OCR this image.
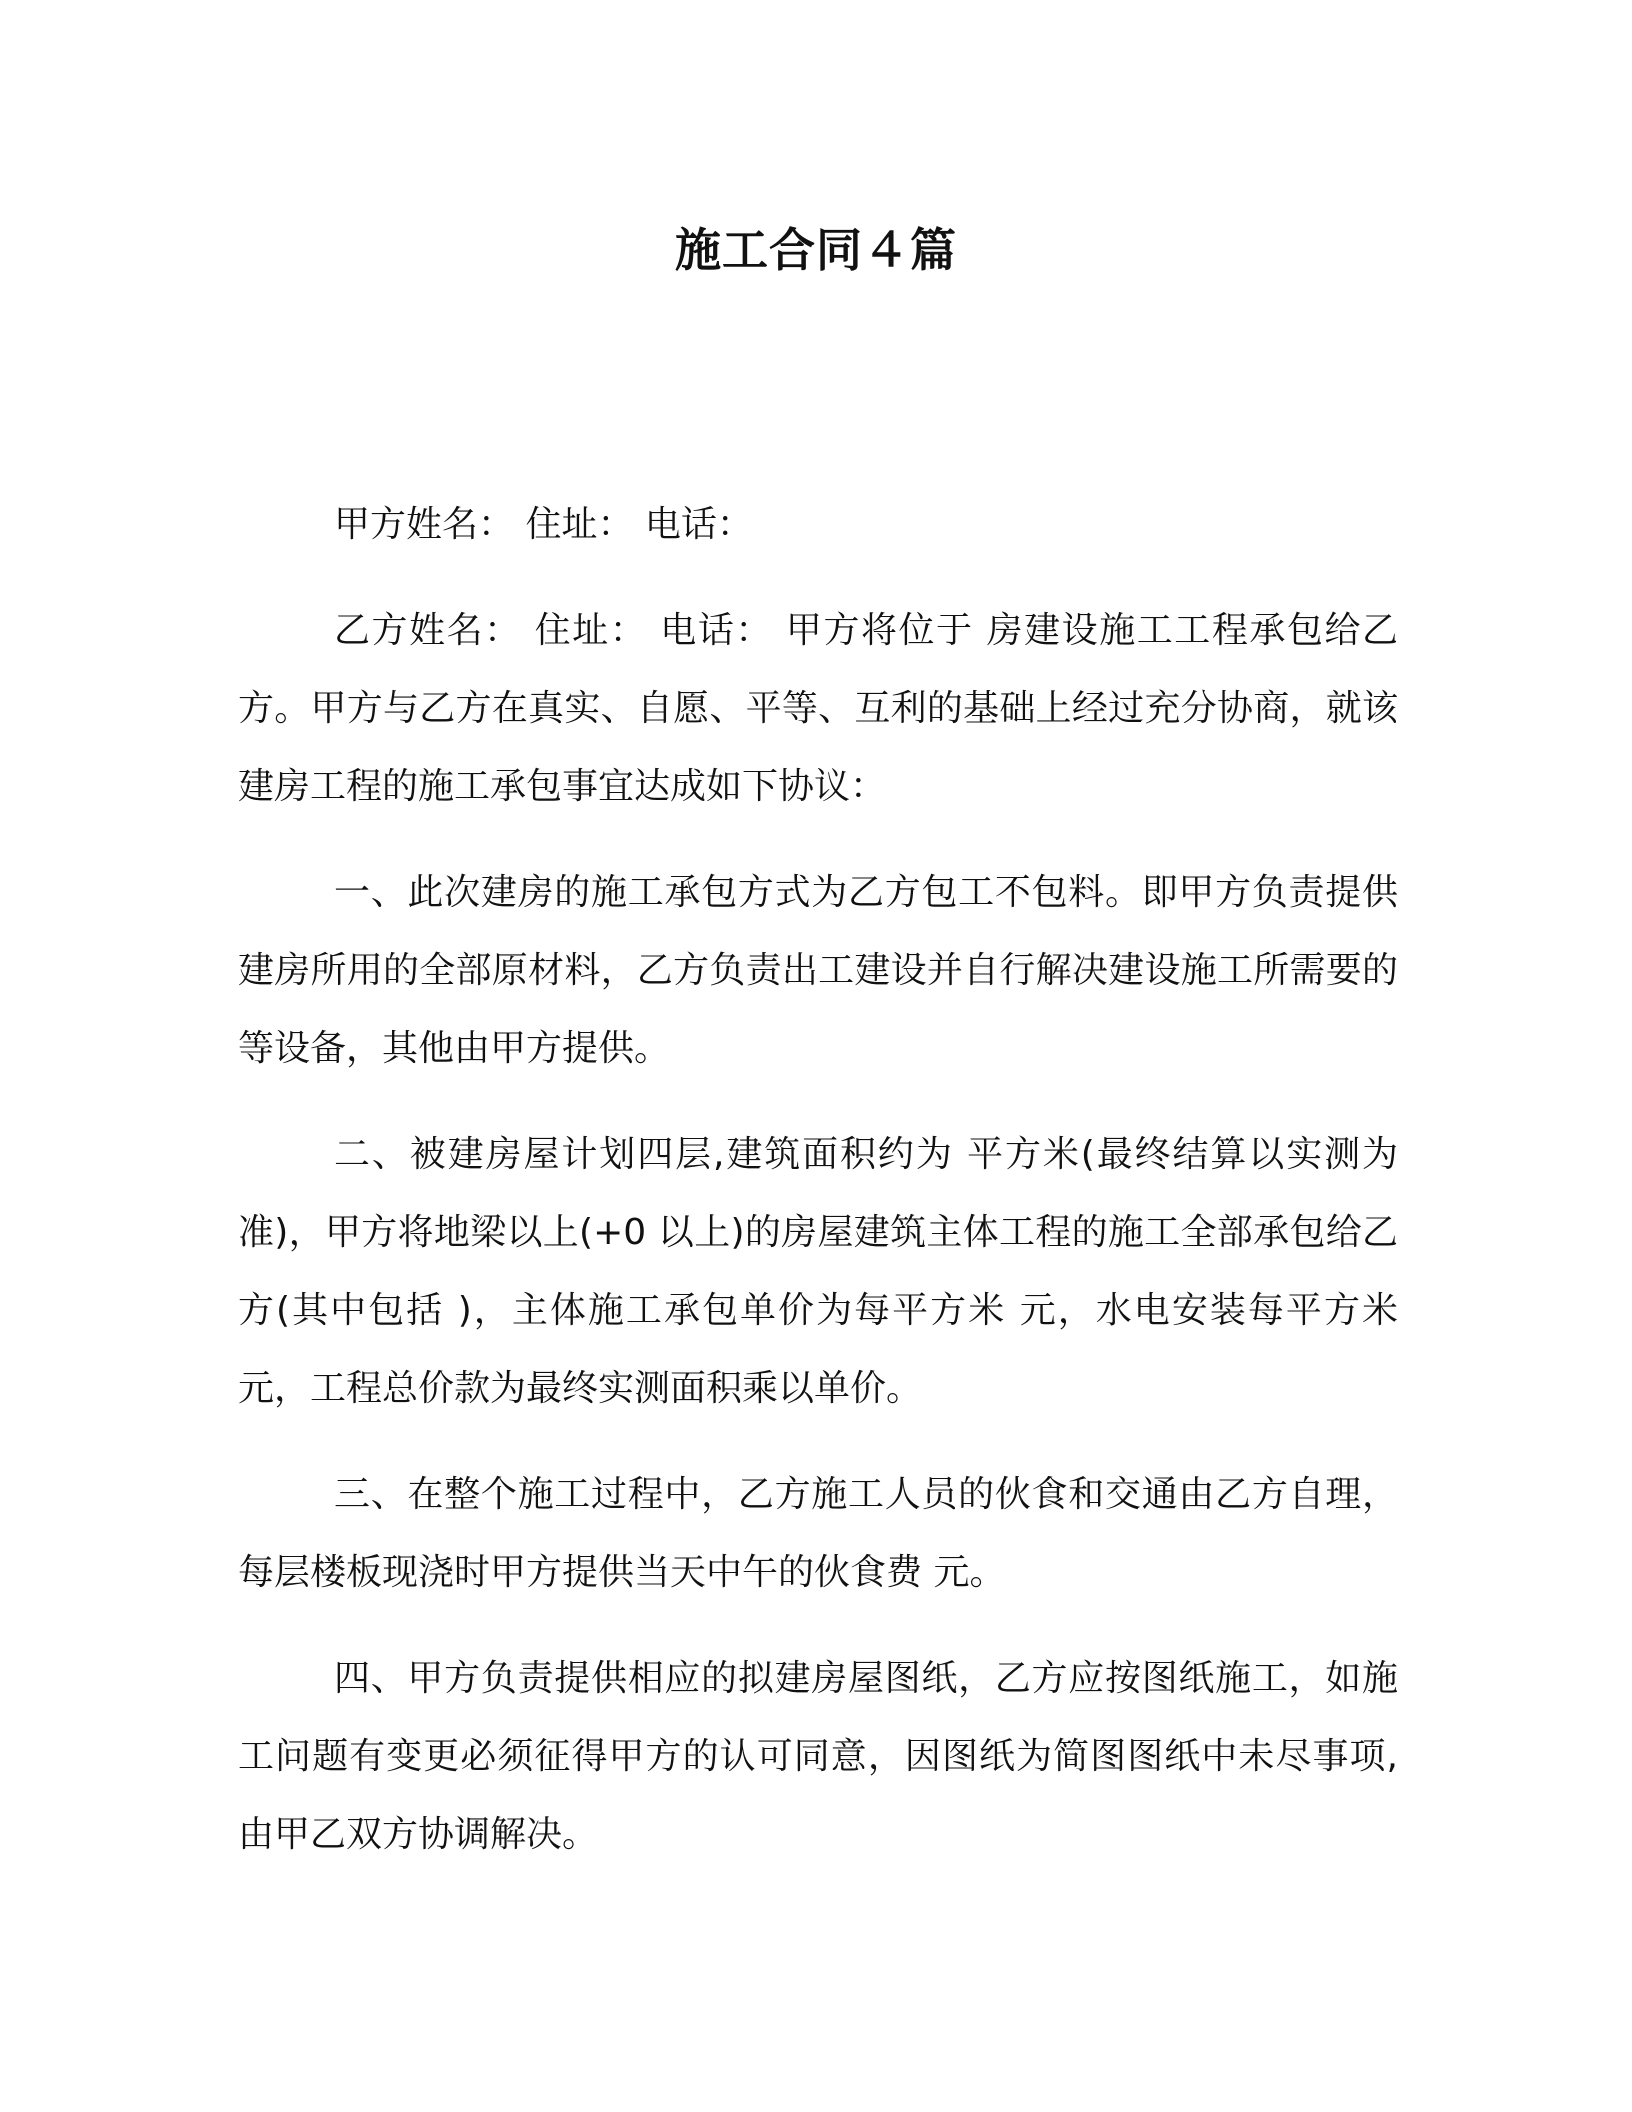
施工合同４篇

甲方姓名： 住址： 电话：

乙方姓名： 住址： 电话： 甲方将位于 房建设施工工程承包给乙方。甲方与乙方在真实、自愿、平等、互利的基础上经过充分协商，就该建房工程的施工承包事宜达成如下协议：

一、此次建房的施工承包方式为乙方包工不包料。即甲方负责提供建房所用的全部原材料，乙方负责出工建设并自行解决建设施工所需要的 等设备，其他由甲方提供。

二、被建房屋计划四层,建筑面积约为 平方米(最终结算以实测为准)，甲方将地梁以上(+0 以上)的房屋建筑主体工程的施工全部承包给乙方(其中包括 )，主体施工承包单价为每平方米 元，水电安装每平方米 元，工程总价款为最终实测面积乘以单价。

三、在整个施工过程中，乙方施工人员的伙食和交通由乙方自理，每层楼板现浇时甲方提供当天中午的伙食费 元。

四、甲方负责提供相应的拟建房屋图纸，乙方应按图纸施工，如施工问题有变更必须征得甲方的认可同意，因图纸为简图图纸中未尽事项,由甲乙双方协调解决。
